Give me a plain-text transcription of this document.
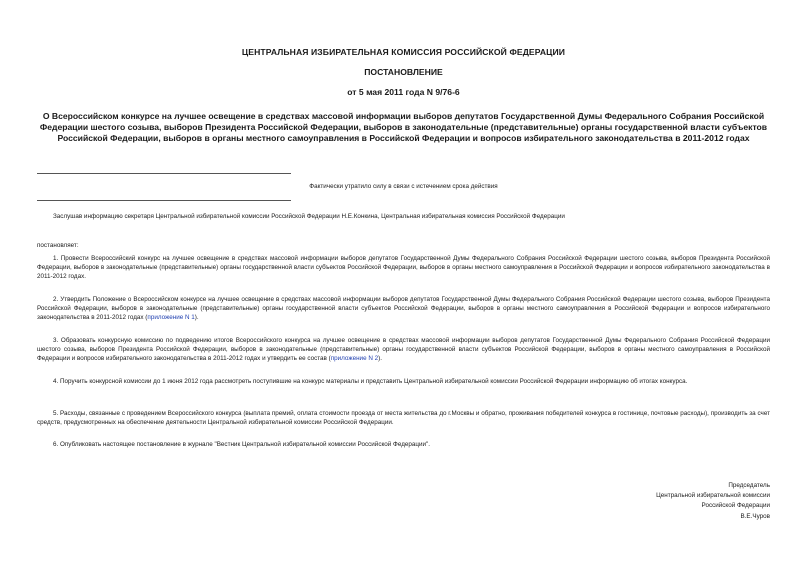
ЦЕНТРАЛЬНАЯ ИЗБИРАТЕЛЬНАЯ КОМИССИЯ РОССИЙСКОЙ ФЕДЕРАЦИИ
ПОСТАНОВЛЕНИЕ
от 5 мая 2011 года N 9/76-6
О Всероссийском конкурсе на лучшее освещение в средствах массовой информации выборов депутатов Государственной Думы Федерального Собрания Российской Федерации шестого созыва, выборов Президента Российской Федерации, выборов в законодательные (представительные) органы государственной власти субъектов Российской Федерации, выборов в органы местного самоуправления в Российской Федерации и вопросов избирательного законодательства в 2011-2012 годах
Фактически утратило силу в связи с истечением срока действия
Заслушав информацию секретаря Центральной избирательной комиссии Российской Федерации Н.Е.Конкина, Центральная избирательная комиссия Российской Федерации
постановляет:
1. Провести Всероссийский конкурс на лучшее освещение в средствах массовой информации выборов депутатов Государственной Думы Федерального Собрания Российской Федерации шестого созыва, выборов Президента Российской Федерации, выборов в законодательные (представительные) органы государственной власти субъектов Российской Федерации, выборов в органы местного самоуправления в Российской Федерации и вопросов избирательного законодательства в 2011-2012 годах.
2. Утвердить Положение о Всероссийском конкурсе на лучшее освещение в средствах массовой информации выборов депутатов Государственной Думы Федерального Собрания Российской Федерации шестого созыва, выборов Президента Российской Федерации, выборов в законодательные (представительные) органы государственной власти субъектов Российской Федерации, выборов в органы местного самоуправления в Российской Федерации и вопросов избирательного законодательства в 2011-2012 годах (приложение N 1).
3. Образовать конкурсную комиссию по подведению итогов Всероссийского конкурса на лучшее освещение в средствах массовой информации выборов депутатов Государственной Думы Федерального Собрания Российской Федерации шестого созыва, выборов Президента Российской Федерации, выборов в законодательные (представительные) органы государственной власти субъектов Российской Федерации, выборов в органы местного самоуправления в Российской Федерации и вопросов избирательного законодательства в 2011-2012 годах и утвердить ее состав (приложение N 2).
4. Поручить конкурсной комиссии до 1 июня 2012 года рассмотреть поступившие на конкурс материалы и представить Центральной избирательной комиссии Российской Федерации информацию об итогах конкурса.
5. Расходы, связанные с проведением Всероссийского конкурса (выплата премий, оплата стоимости проезда от места жительства до г.Москвы и обратно, проживания победителей конкурса в гостинице, почтовые расходы), производить за счет средств, предусмотренных на обеспечение деятельности Центральной избирательной комиссии Российской Федерации.
6. Опубликовать настоящее постановление в журнале "Вестник Центральной избирательной комиссии Российской Федерации".
Председатель
Центральной избирательной комиссии
Российской Федерации
В.Е.Чуров
